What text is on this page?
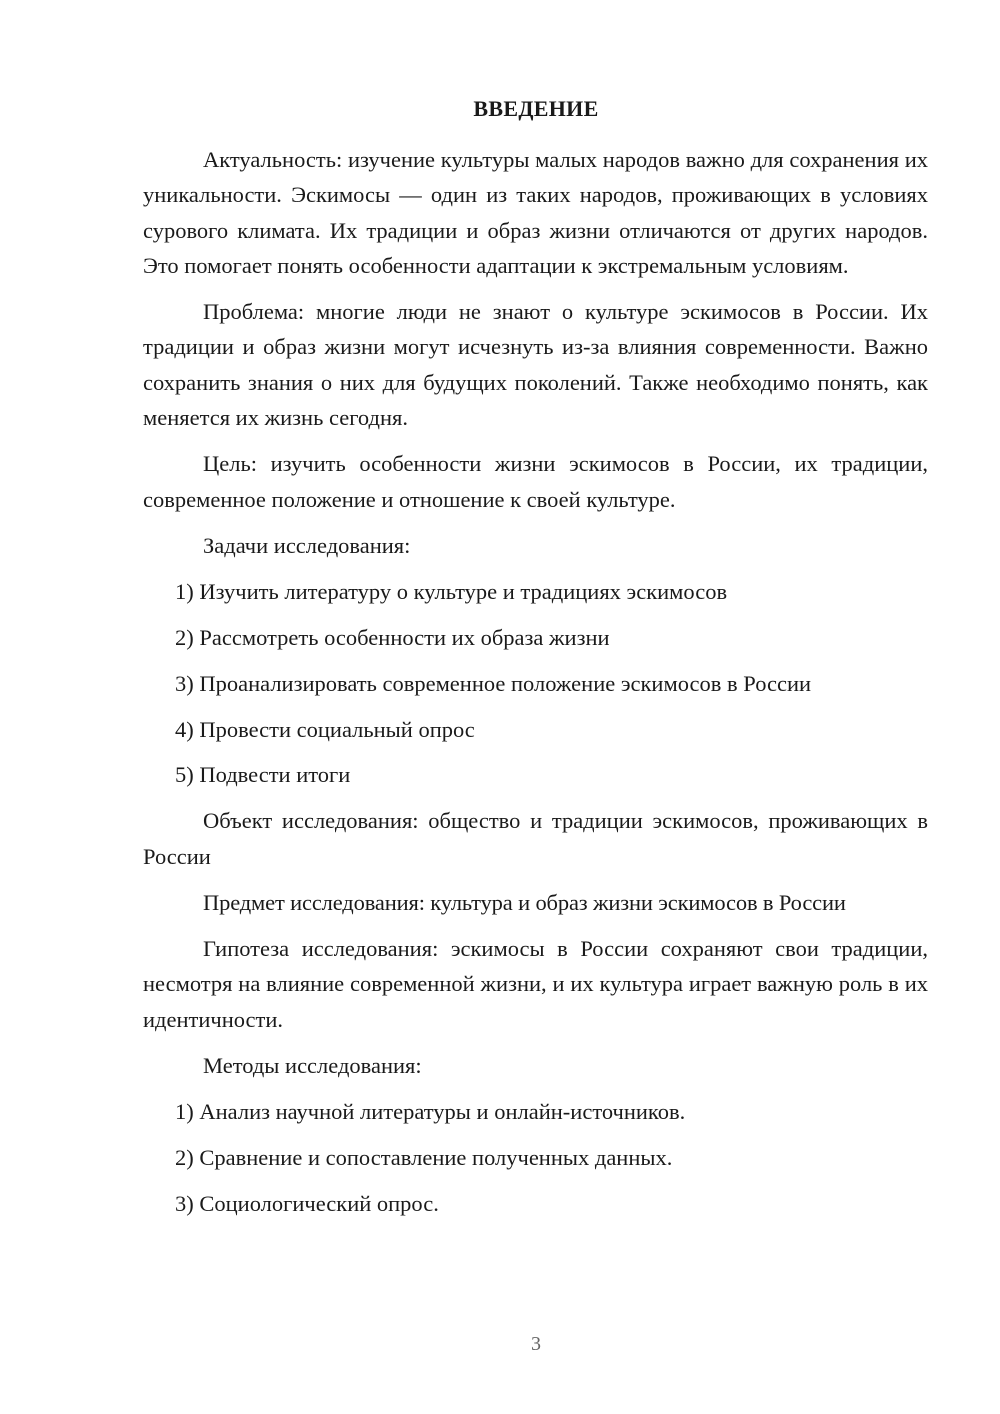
ВВЕДЕНИЕ

Актуальность: изучение культуры малых народов важно для сохранения их уникальности. Эскимосы — один из таких народов, проживающих в условиях сурового климата. Их традиции и образ жизни отличаются от других народов. Это помогает понять особенности адаптации к экстремальным условиям.

Проблема: многие люди не знают о культуре эскимосов в России. Их традиции и образ жизни могут исчезнуть из-за влияния современности. Важно сохранить знания о них для будущих поколений. Также необходимо понять, как меняется их жизнь сегодня.

Цель: изучить особенности жизни эскимосов в России, их традиции, современное положение и отношение к своей культуре.

Задачи исследования:

1) Изучить литературу о культуре и традициях эскимосов
2) Рассмотреть особенности их образа жизни
3) Проанализировать современное положение эскимосов в России
4) Провести социальный опрос
5) Подвести итоги

Объект исследования: общество и традиции эскимосов, проживающих в России

Предмет исследования: культура и образ жизни эскимосов в России

Гипотеза исследования: эскимосы в России сохраняют свои традиции, несмотря на влияние современной жизни, и их культура играет важную роль в их идентичности.

Методы исследования:

1) Анализ научной литературы и онлайн-источников.
2) Сравнение и сопоставление полученных данных.
3) Социологический опрос.
3
